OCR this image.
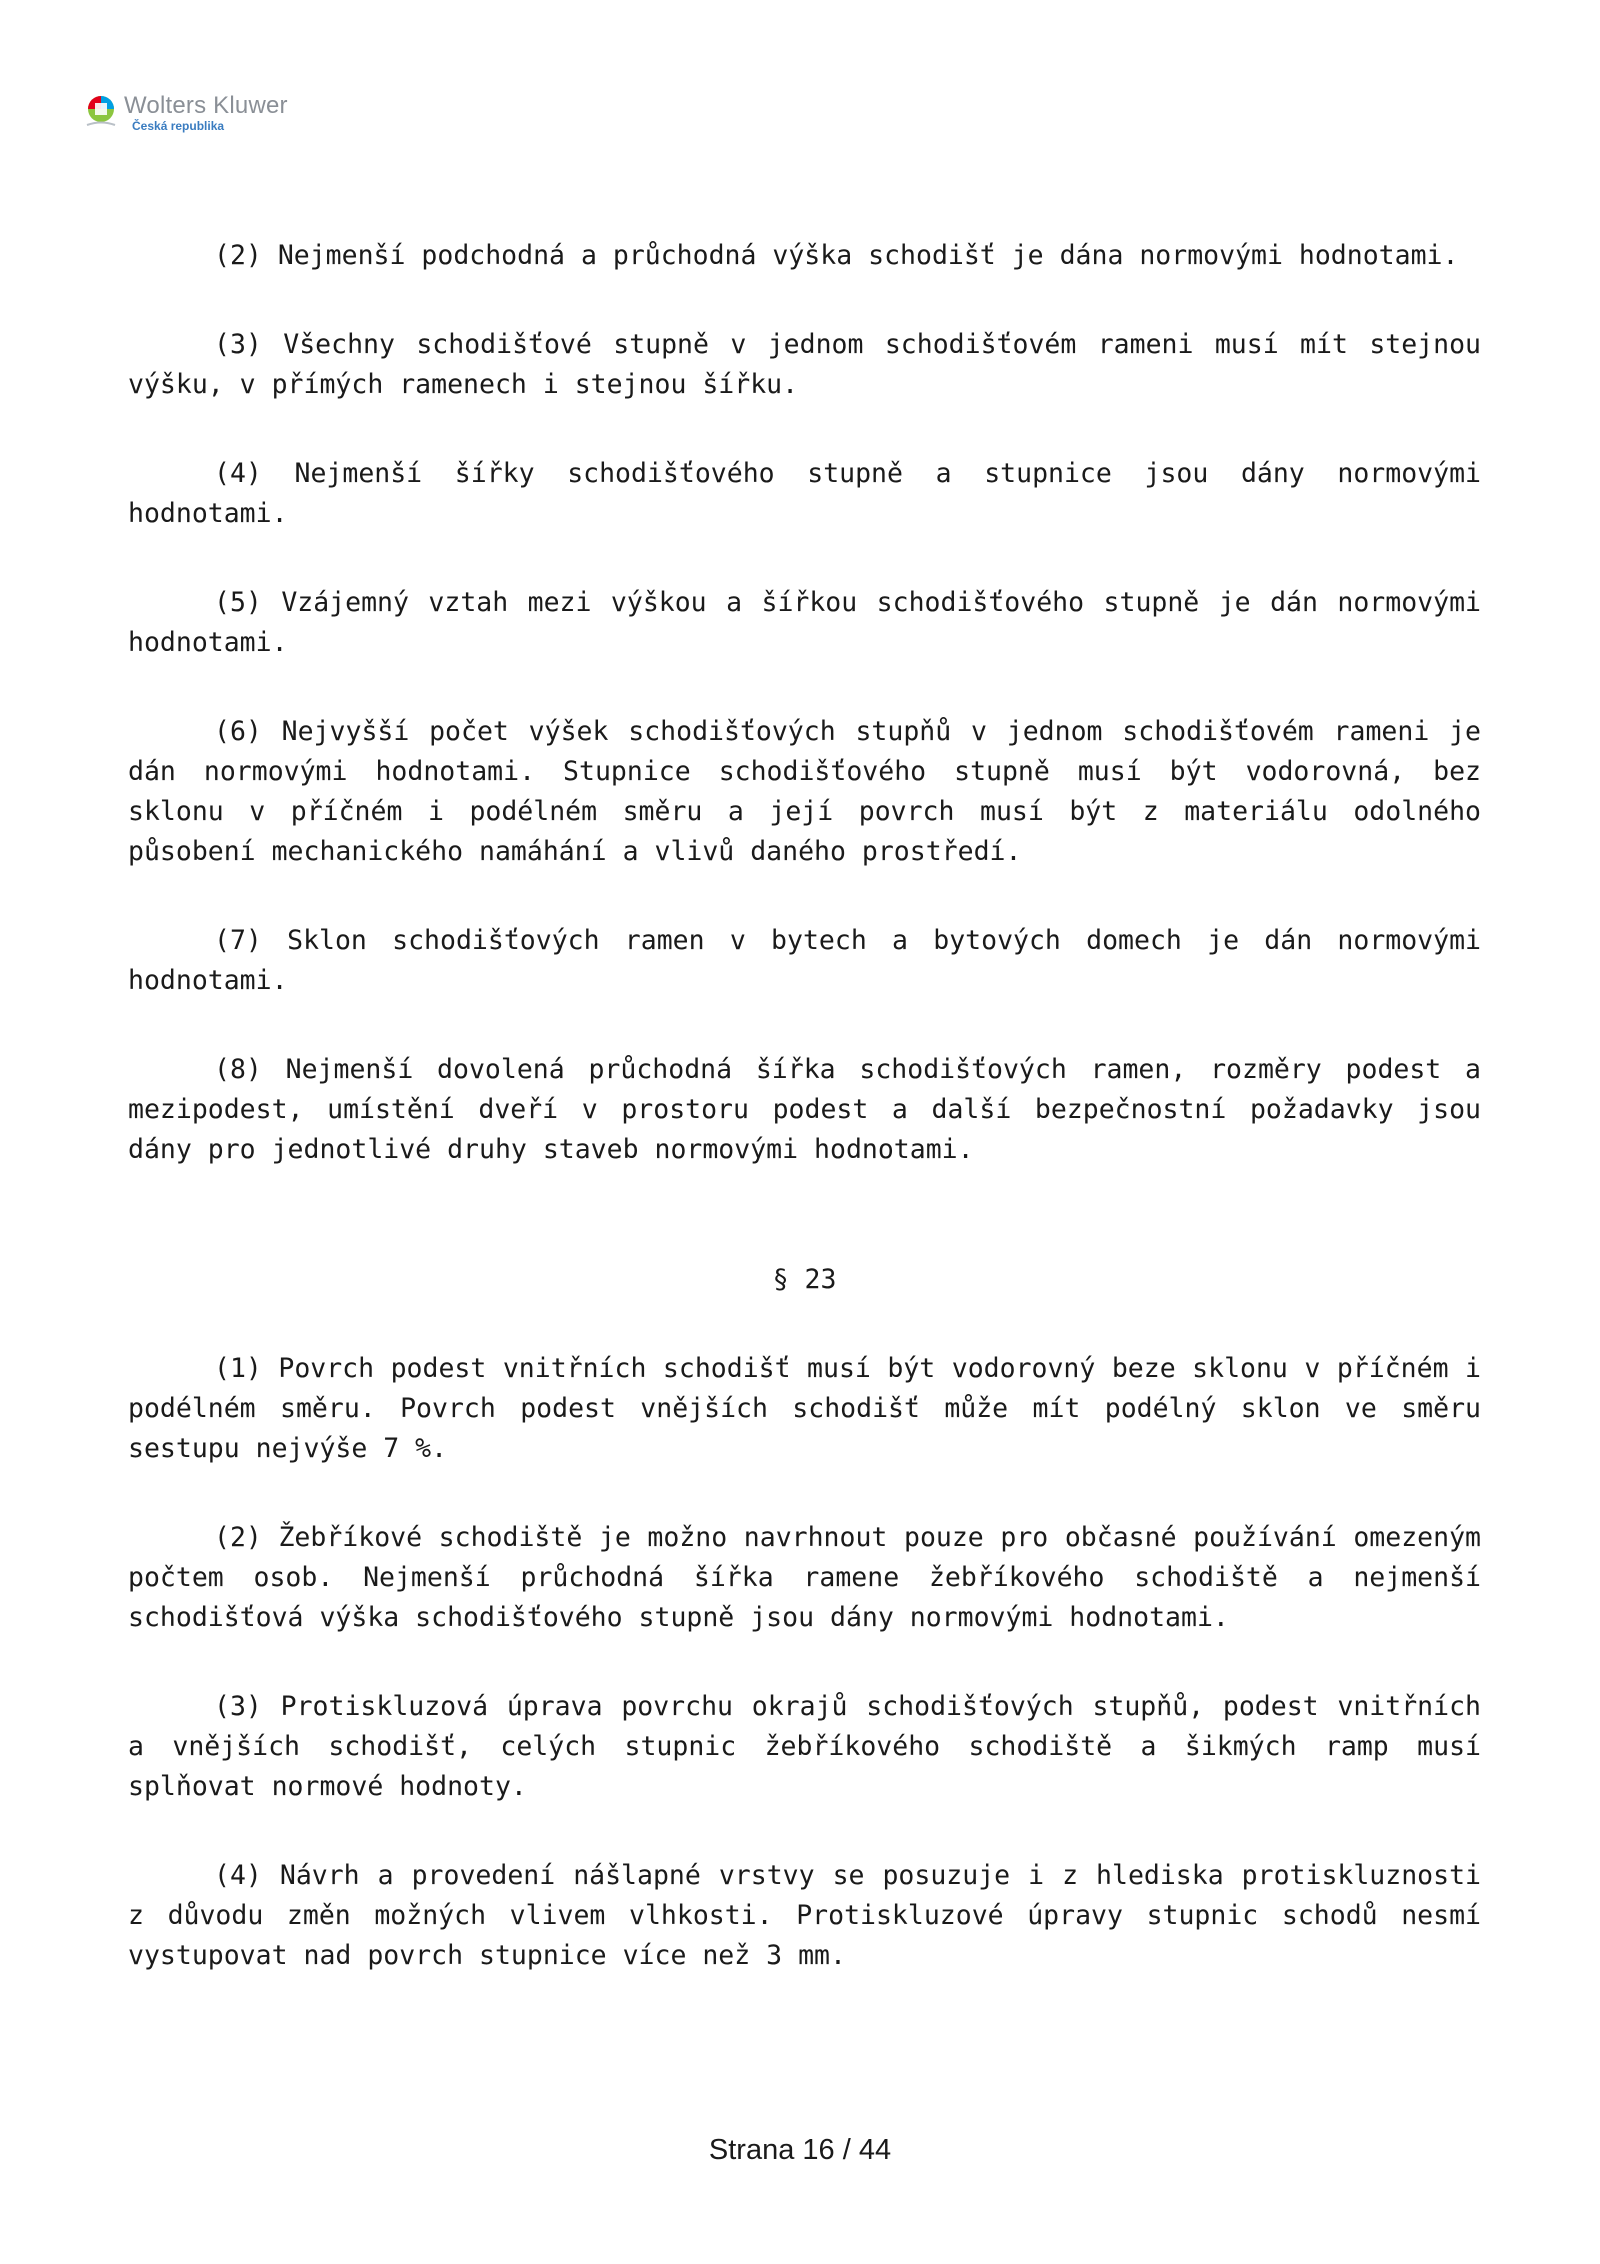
Wolters Kluwer
Česká republika

(2) Nejmenší podchodná a průchodná výška schodišť je dána normovými hodnotami.

(3) Všechny schodišťové stupně v jednom schodišťovém rameni musí mít stejnou výšku, v přímých ramenech i stejnou šířku.

(4) Nejmenší šířky schodišťového stupně a stupnice jsou dány normovými hodnotami.

(5) Vzájemný vztah mezi výškou a šířkou schodišťového stupně je dán normovými hodnotami.

(6) Nejvyšší počet výšek schodišťových stupňů v jednom schodišťovém rameni je dán normovými hodnotami. Stupnice schodišťového stupně musí být vodorovná, bez sklonu v příčném i podélném směru a její povrch musí být z materiálu odolného působení mechanického namáhání a vlivů daného prostředí.

(7) Sklon schodišťových ramen v bytech a bytových domech je dán normovými hodnotami.

(8) Nejmenší dovolená průchodná šířka schodišťových ramen, rozměry podest a mezipodest, umístění dveří v prostoru podest a další bezpečnostní požadavky jsou dány pro jednotlivé druhy staveb normovými hodnotami.

§ 23

(1) Povrch podest vnitřních schodišť musí být vodorovný beze sklonu v příčném i podélném směru. Povrch podest vnějších schodišť může mít podélný sklon ve směru sestupu nejvýše 7 %.

(2) Žebříkové schodiště je možno navrhnout pouze pro občasné používání omezeným počtem osob. Nejmenší průchodná šířka ramene žebříkového schodiště a nejmenší schodišťová výška schodišťového stupně jsou dány normovými hodnotami.

(3) Protiskluzová úprava povrchu okrajů schodišťových stupňů, podest vnitřních a vnějších schodišť, celých stupnic žebříkového schodiště a šikmých ramp musí splňovat normové hodnoty.

(4) Návrh a provedení nášlapné vrstvy se posuzuje i z hlediska protiskluznosti z důvodu změn možných vlivem vlhkosti. Protiskluzové úpravy stupnic schodů nesmí vystupovat nad povrch stupnice více než 3 mm.

Strana 16 / 44
